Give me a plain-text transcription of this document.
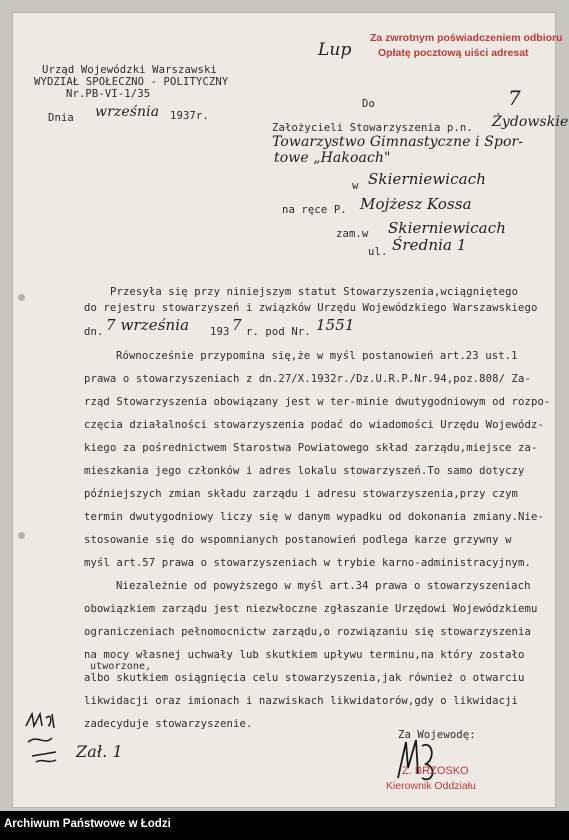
Za zwrotnym poświadczeniem odbioru
Opłatę pocztową uiści adresat
Lup
7
Urząd Wojewódzki Warszawski
WYDZIAŁ SPOŁECZNO - POLITYCZNY
Nr.PB-VI-1/35
Dnia września 1937r.
Do
Założycieli Stowarzyszenia p.n. Żydowskie
Towarzystwo Gimnastyczne i Spor-
towe „Hakoach"
w Skierniewicach
na ręce P. Mojżesz Kossa
zam.w Skierniewicach
ul. Średnia 1
Przesyła się przy niniejszym statut Stowarzyszenia,wciągniętego
do rejestru stowarzyszeń i związków Urzędu Wojewódzkiego Warszawskiego
dn. 7 września 193 7 r. pod Nr. 1551
Równocześnie przypomina się,że w myśl postanowień art.23 ust.1
prawa o stowarzyszeniach z dn.27/X.1932r./Dz.U.R.P.Nr.94,poz.808/ Za-
rząd Stowarzyszenia obowiązany jest w ter-minie dwutygodniowym od rozpo-
częcia działalności stowarzyszenia podać do wiadomości Urzędu Wojewódz-
kiego za pośrednictwem Starostwa Powiatowego skład zarządu,miejsce za-
mieszkania jego członków i adres lokalu stowarzyszeń.To samo dotyczy
późniejszych zmian składu zarządu i adresu stowarzyszenia,przy czym
termin dwutygodniowy liczy się w danym wypadku od dokonania zmiany.Nie-
stosowanie się do wspomnianych postanowień podlega karze grzywny w
myśl art.57 prawa o stowarzyszeniach w trybie karno-administracyjnym.
Niezależnie od powyższego w myśl art.34 prawa o stowarzyszeniach
obowiązkiem zarządu jest niezwłoczne zgłaszanie Urzędowi Wojewódzkiemu
ograniczeniach pełnomocnictw zarządu,o rozwiązaniu się stowarzyszenia
na mocy własnej uchwały lub skutkiem upływu terminu,na który zostało
utworzone,
albo skutkiem osiągnięcia celu stowarzyszenia,jak również o otwarciu
likwidacji oraz imionach i nazwiskach likwidatorów,gdy o likwidacji
zadecyduje stowarzyszenie.
Za Wojewodę:
Z. BRZOSKO
Kierownik Oddziału
Zał. 1
Archiwum Państwowe w Łodzi
